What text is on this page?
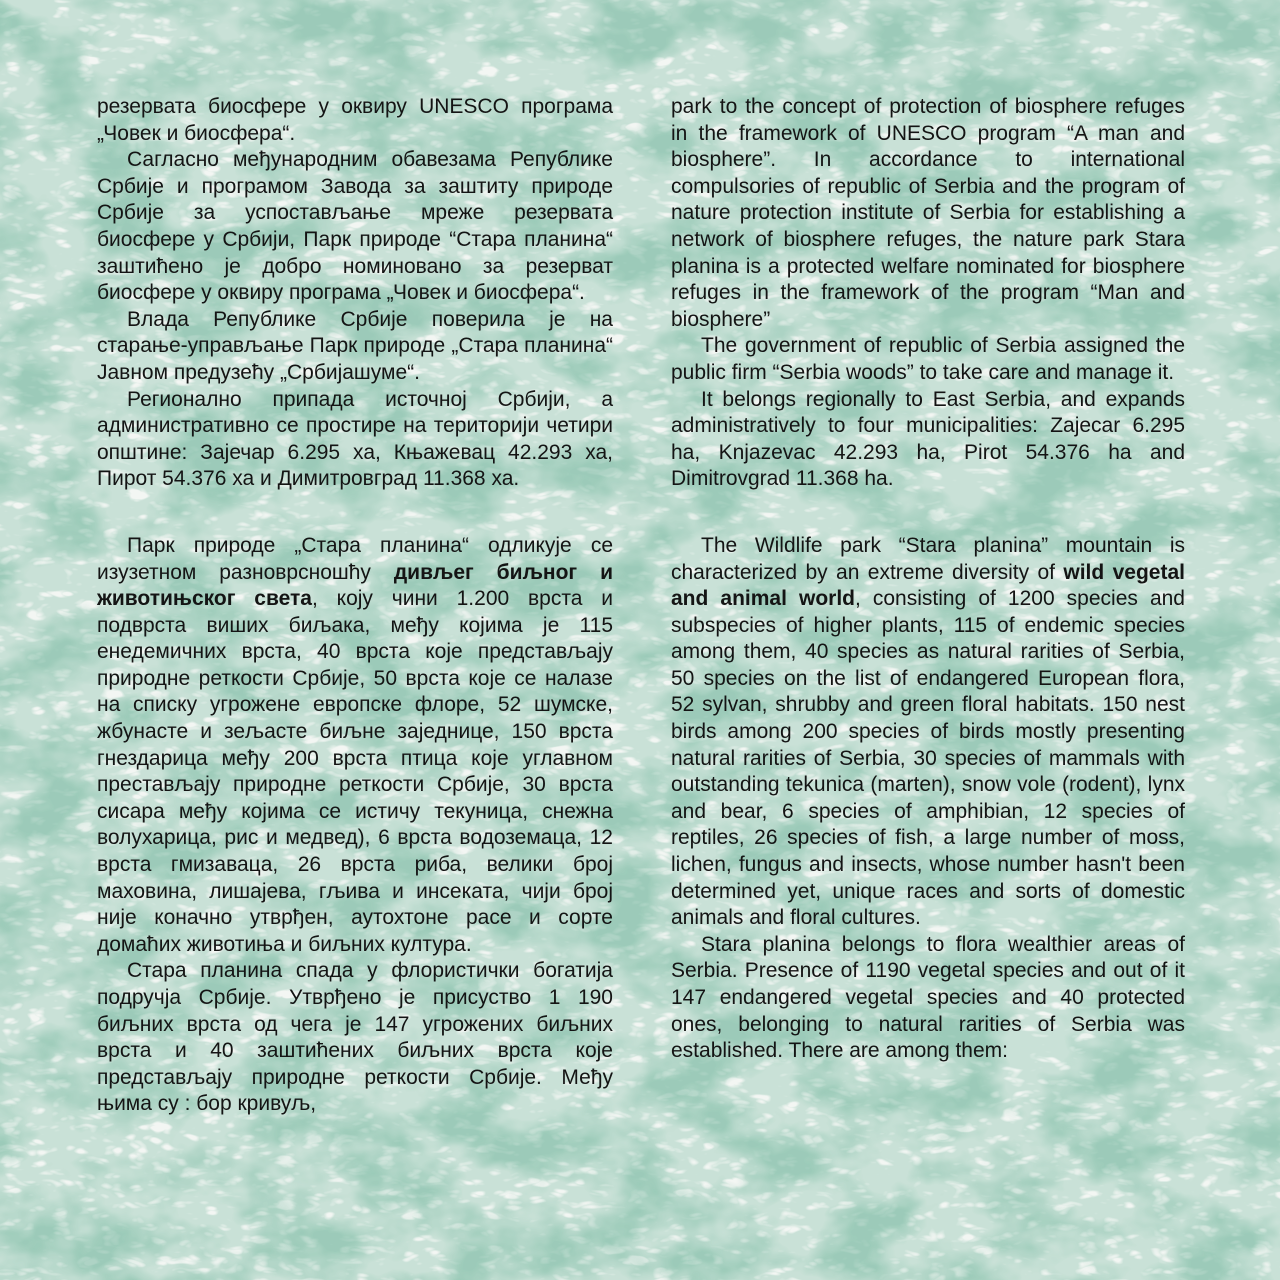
резервата биосфере у оквиру UNESCO програма „Човек и биосфера“.

Сагласно међународним обавезама Републике Србије и програмом Завода за заштиту природе Србије за успостављање мреже резервата биосфере у Србији, Парк природе “Стара планина“ заштићено је добро номиновано за резерват биосфере у оквиру програма „Човек и биосфера“.

Влада Републике Србије поверила је на старање-управљање Парк природе „Стара планина“ Јавном предузећу „Србијашуме“.

Регионално припада источној Србији, а административно се простире на територији четири општине: Зајечар 6.295 ха, Књажевац 42.293 ха, Пирот 54.376 ха и Димитровград 11.368 ха.

Парк природе „Стара планина“ одликује се изузетном разноврсношћу дивљег биљног и животињског света, коју чини 1.200 врста и подврста виших биљака, међу којима је 115 енедемичних врста, 40 врста које представљају природне реткости Србије, 50 врста које се налазе на списку угрожене европске флоре, 52 шумске, жбунасте и зељасте биљне заједнице, 150 врста гнездарица међу 200 врста птица које углавном престављају природне реткости Србије, 30 врста сисара међу којима се истичу текуница, снежна волухарица, рис и медвед), 6 врста водоземаца, 12 врста гмизаваца, 26 врста риба, велики број маховина, лишајева, гљива и инсеката, чији број није коначно утврђен, аутохтоне расе и сорте домаћих животиња и биљних култура.

Стара планина спада у флористички богатија подручја Србије. Утврђено је присуство 1 190 биљних врста од чега је 147 угрожених биљних врста и 40 заштићених биљних врста које представљају природне реткости Србије. Међу њима су : бор кривуљ,

park to the concept of protection of biosphere refuges in the framework of UNESCO program “A man and biosphere”. In accordance to international compulsories of republic of Serbia and the program of nature protection institute of Serbia for establishing a network of biosphere refuges, the nature park Stara planina is a protected welfare nominated for biosphere refuges in the framework of the program “Man and biosphere”

The government of republic of Serbia assigned the public firm “Serbia woods” to take care and manage it.

It belongs regionally to East Serbia, and expands administratively to four municipalities: Zajecar 6.295 ha, Knjazevac 42.293 ha, Pirot 54.376 ha and Dimitrovgrad 11.368 ha.

The Wildlife park “Stara planina” mountain is characterized by an extreme diversity of wild vegetal and animal world, consisting of 1200 species and subspecies of higher plants, 115 of endemic species among them, 40 species as natural rarities of Serbia, 50 species on the list of endangered European flora, 52 sylvan, shrubby and green floral habitats. 150 nest birds among 200 species of birds mostly presenting natural rarities of Serbia, 30 species of mammals with outstanding tekunica (marten), snow vole (rodent), lynx and bear, 6 species of amphibian, 12 species of reptiles, 26 species of fish, a large number of moss, lichen, fungus and insects, whose number hasn't been determined yet, unique races and sorts of domestic animals and floral cultures.

Stara planina belongs to flora wealthier areas of Serbia. Presence of 1190 vegetal species and out of it 147 endangered vegetal species and 40 protected ones, belonging to natural rarities of Serbia was established. There are among them:
